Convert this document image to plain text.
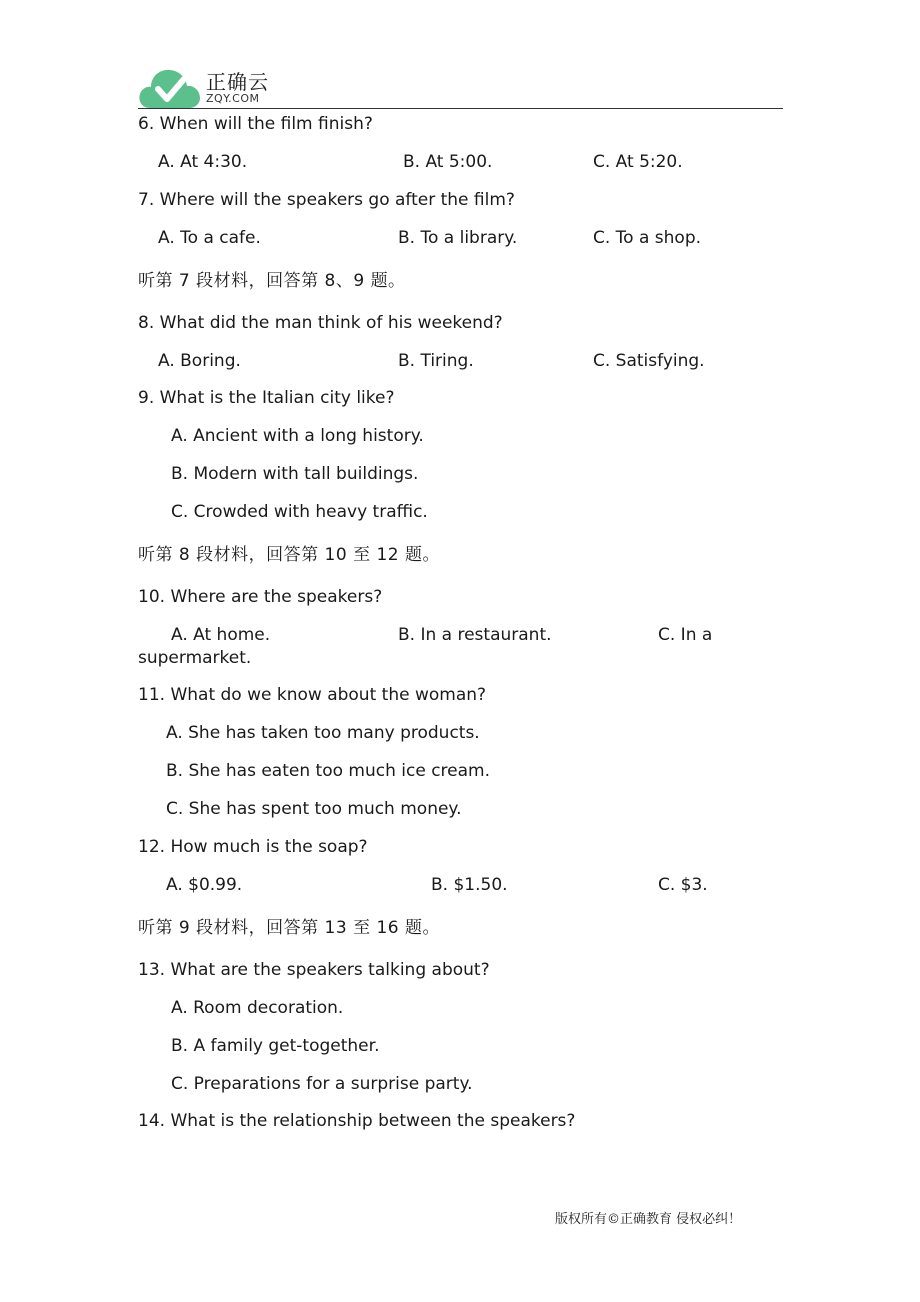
正确云
ZQY.COM
6. When will the film finish?
A. At 4:30.	B. At 5:00.	C. At 5:20.
7. Where will the speakers go after the film?
A. To a cafe.	B. To a library.	C. To a shop.
听第 7 段材料，回答第 8、9 题。
8. What did the man think of his weekend?
A. Boring.	B. Tiring.	C. Satisfying.
9. What is the Italian city like?
A. Ancient with a long history.
B. Modern with tall buildings.
C. Crowded with heavy traffic.
听第 8 段材料，回答第 10 至 12 题。
10. Where are the speakers?
A. At home.	B. In a restaurant.	C. In a
supermarket.
11. What do we know about the woman?
A. She has taken too many products.
B. She has eaten too much ice cream.
C. She has spent too much money.
12. How much is the soap?
A. $0.99.	B. $1.50.	C. $3.
听第 9 段材料，回答第 13 至 16 题。
13. What are the speakers talking about?
A. Room decoration.
B. A family get-together.
C. Preparations for a surprise party.
14. What is the relationship between the speakers?
版权所有©正确教育 侵权必纠！
